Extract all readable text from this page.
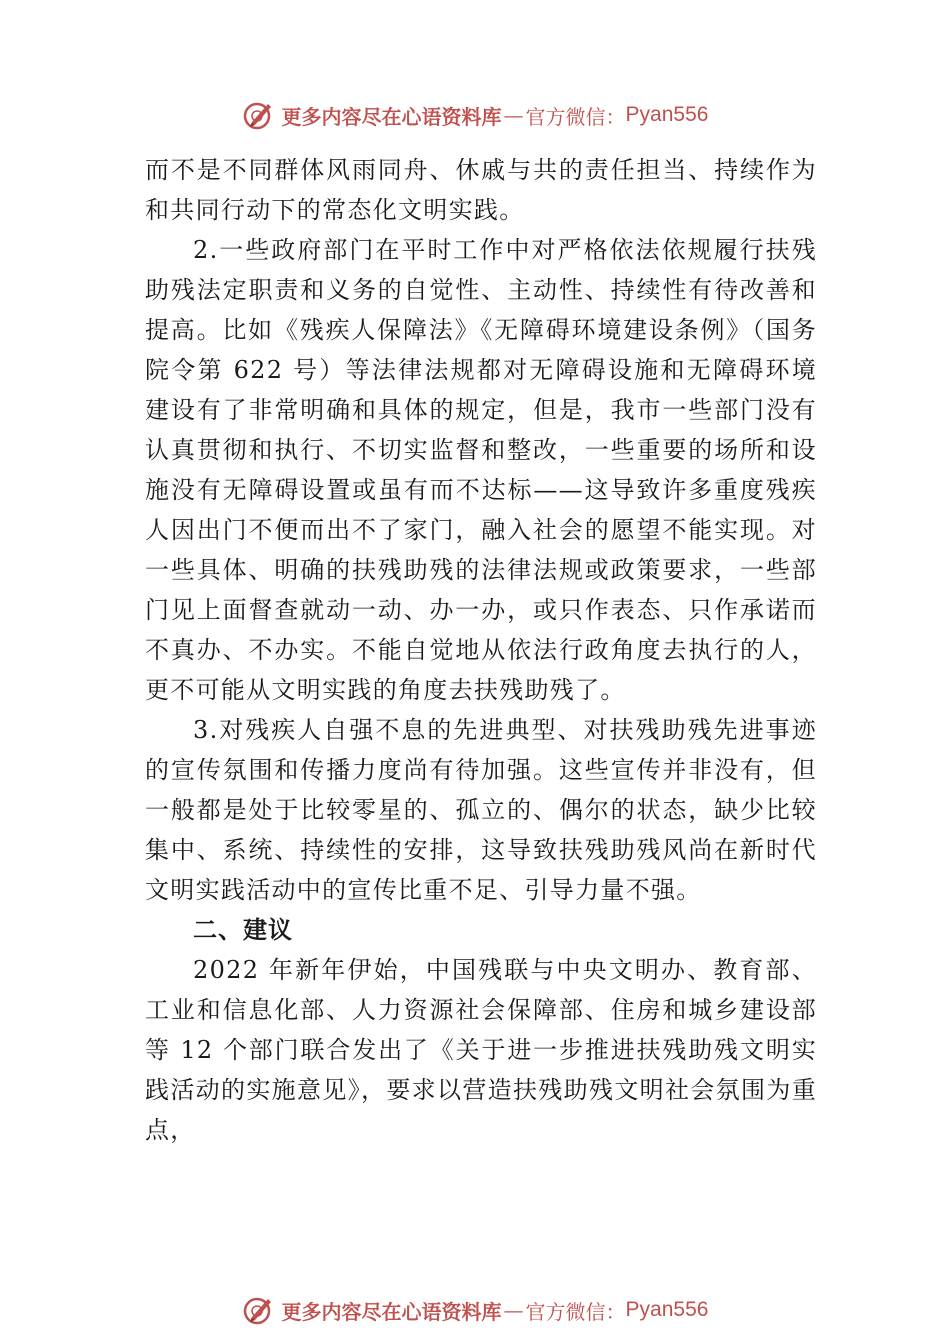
更多内容尽在心语资料库 — 官方微信： Pyan556

而不是不同群体风雨同舟、休戚与共的责任担当、持续作为和共同行动下的常态化文明实践。

2.一些政府部门在平时工作中对严格依法依规履行扶残助残法定职责和义务的自觉性、主动性、持续性有待改善和提高。比如《残疾人保障法》《无障碍环境建设条例》（国务院令第 622 号）等法律法规都对无障碍设施和无障碍环境建设有了非常明确和具体的规定，但是，我市一些部门没有认真贯彻和执行、不切实监督和整改，一些重要的场所和设施没有无障碍设置或虽有而不达标——这导致许多重度残疾人因出门不便而出不了家门，融入社会的愿望不能实现。对一些具体、明确的扶残助残的法律法规或政策要求，一些部门见上面督查就动一动、办一办，或只作表态、只作承诺而不真办、不办实。不能自觉地从依法行政角度去执行的人， 更不可能从文明实践的角度去扶残助残了。

3.对残疾人自强不息的先进典型、对扶残助残先进事迹的宣传氛围和传播力度尚有待加强。这些宣传并非没有，但一般都是处于比较零星的、孤立的、偶尔的状态，缺少比较集中、系统、持续性的安排，这导致扶残助残风尚在新时代文明实践活动中的宣传比重不足、引导力量不强。

二、建议

2022 年新年伊始，中国残联与中央文明办、教育部、工业和信息化部、人力资源社会保障部、住房和城乡建设部等 12 个部门联合发出了《关于进一步推进扶残助残文明实践活动的实施意见》，要求以营造扶残助残文明社会氛围为重点，

更多内容尽在心语资料库 — 官方微信： Pyan556
